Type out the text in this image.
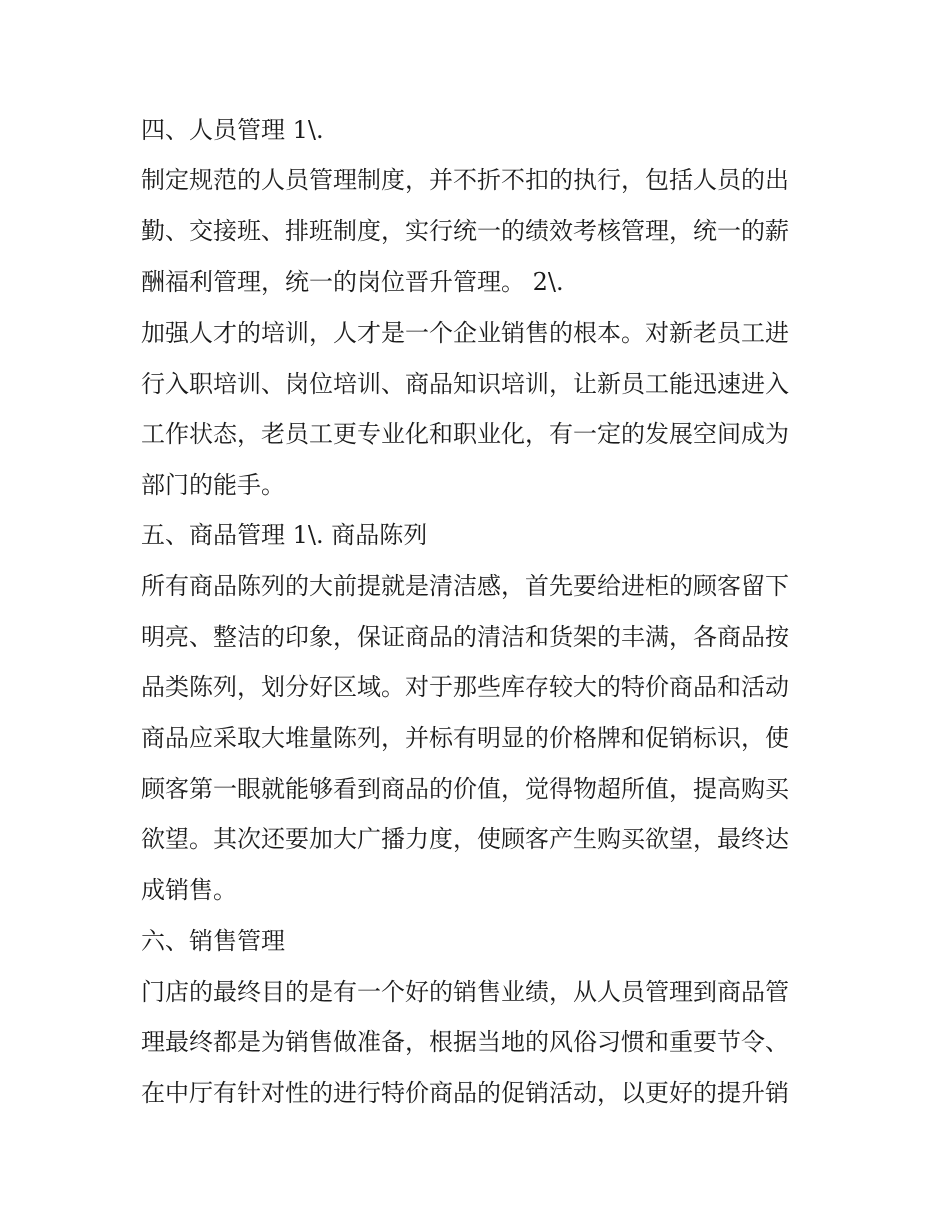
四、人员管理 1\.
制定规范的人员管理制度，并不折不扣的执行，包括人员的出
勤、交接班、排班制度，实行统一的绩效考核管理，统一的薪
酬福利管理，统一的岗位晋升管理。 2\.
加强人才的培训，人才是一个企业销售的根本。对新老员工进
行入职培训、岗位培训、商品知识培训，让新员工能迅速进入
工作状态，老员工更专业化和职业化，有一定的发展空间成为
部门的能手。
五、商品管理 1\. 商品陈列
所有商品陈列的大前提就是清洁感，首先要给进柜的顾客留下
明亮、整洁的印象，保证商品的清洁和货架的丰满，各商品按
品类陈列，划分好区域。对于那些库存较大的特价商品和活动
商品应采取大堆量陈列，并标有明显的价格牌和促销标识，使
顾客第一眼就能够看到商品的价值，觉得物超所值，提高购买
欲望。其次还要加大广播力度，使顾客产生购买欲望，最终达
成销售。
六、销售管理
门店的最终目的是有一个好的销售业绩，从人员管理到商品管
理最终都是为销售做准备，根据当地的风俗习惯和重要节令、
在中厅有针对性的进行特价商品的促销活动，以更好的提升销
